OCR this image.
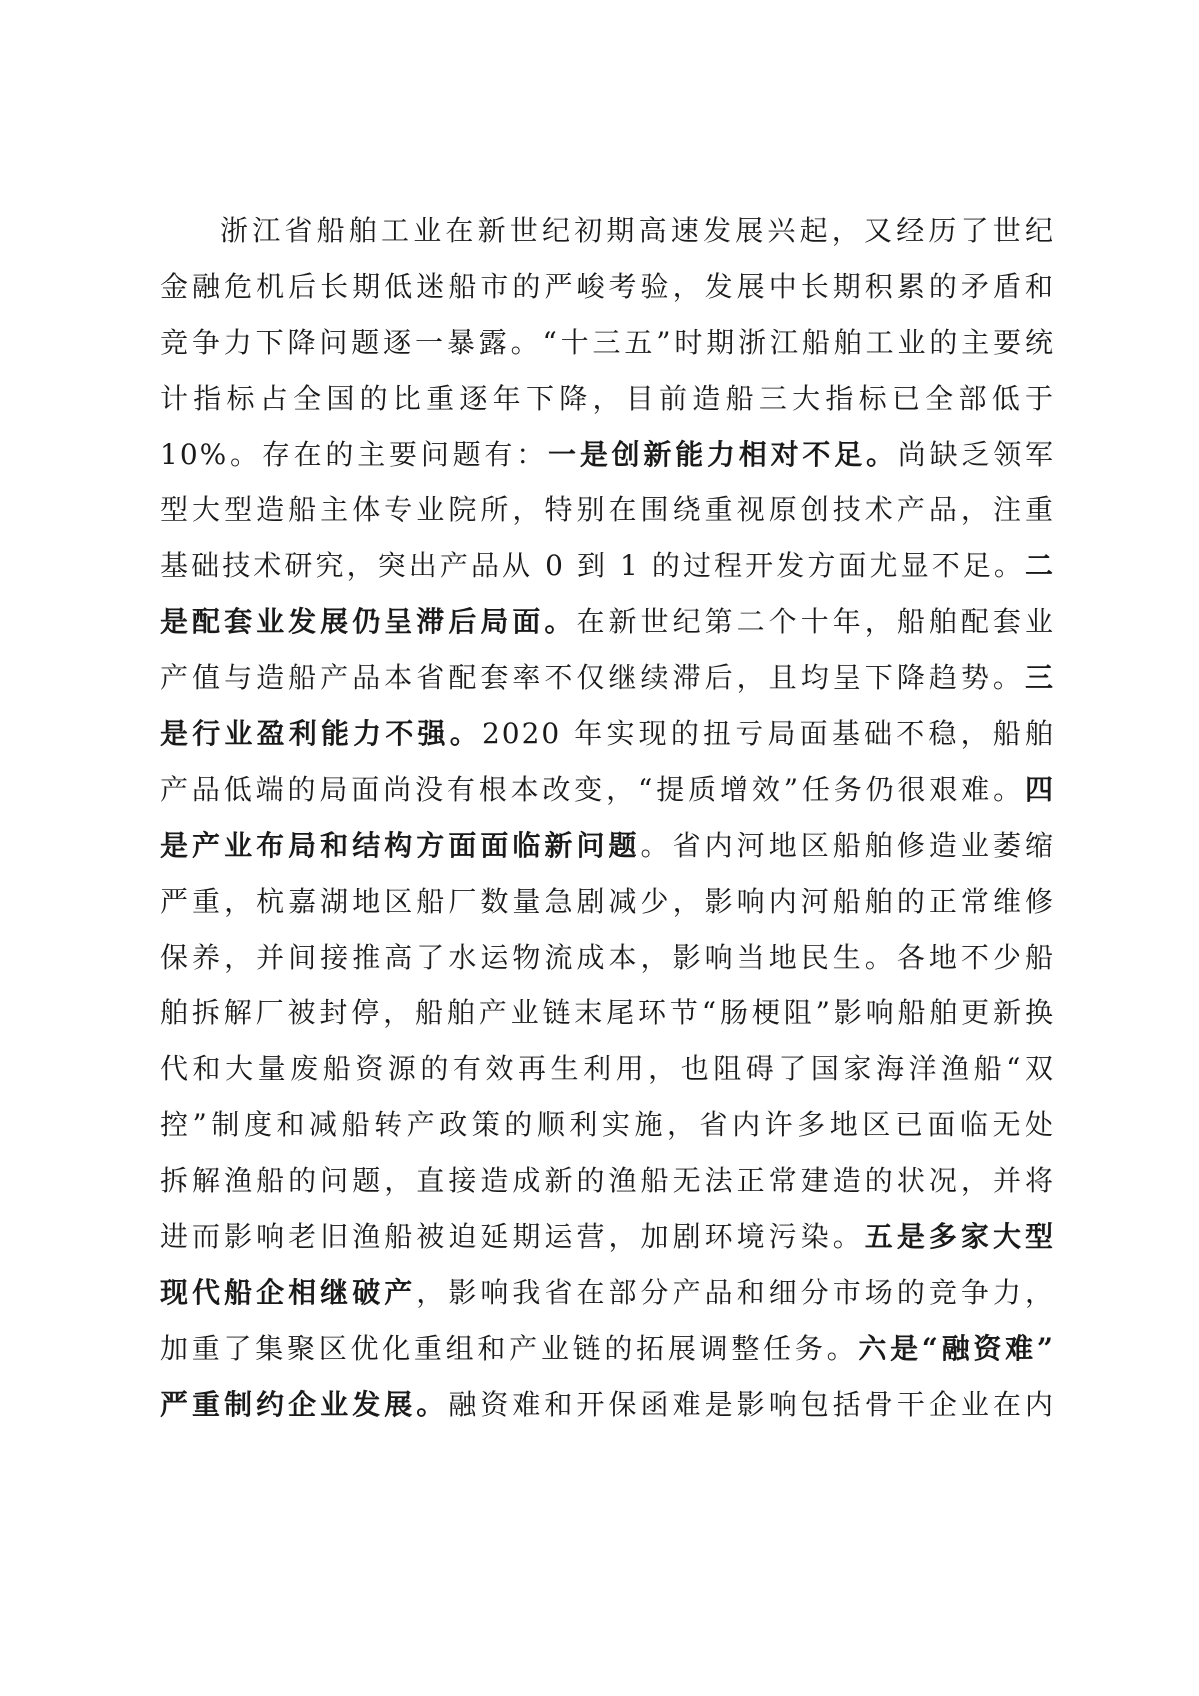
浙江省船舶工业在新世纪初期高速发展兴起，又经历了世纪
金融危机后长期低迷船市的严峻考验，发展中长期积累的矛盾和
竞争力下降问题逐一暴露。“十三五”时期浙江船舶工业的主要统
计指标占全国的比重逐年下降，目前造船三大指标已全部低于
10%。存在的主要问题有：一是创新能力相对不足。尚缺乏领军
型大型造船主体专业院所，特别在围绕重视原创技术产品，注重
基础技术研究，突出产品从 0 到 1 的过程开发方面尤显不足。二
是配套业发展仍呈滞后局面。在新世纪第二个十年，船舶配套业
产值与造船产品本省配套率不仅继续滞后，且均呈下降趋势。三
是行业盈利能力不强。2020 年实现的扭亏局面基础不稳，船舶
产品低端的局面尚没有根本改变，“提质增效”任务仍很艰难。四
是产业布局和结构方面面临新问题。省内河地区船舶修造业萎缩
严重，杭嘉湖地区船厂数量急剧减少，影响内河船舶的正常维修
保养，并间接推高了水运物流成本，影响当地民生。各地不少船
舶拆解厂被封停，船舶产业链末尾环节“肠梗阻”影响船舶更新换
代和大量废船资源的有效再生利用，也阻碍了国家海洋渔船“双
控”制度和减船转产政策的顺利实施，省内许多地区已面临无处
拆解渔船的问题，直接造成新的渔船无法正常建造的状况，并将
进而影响老旧渔船被迫延期运营，加剧环境污染。五是多家大型
现代船企相继破产，影响我省在部分产品和细分市场的竞争力，
加重了集聚区优化重组和产业链的拓展调整任务。六是“融资难”
严重制约企业发展。融资难和开保函难是影响包括骨干企业在内
